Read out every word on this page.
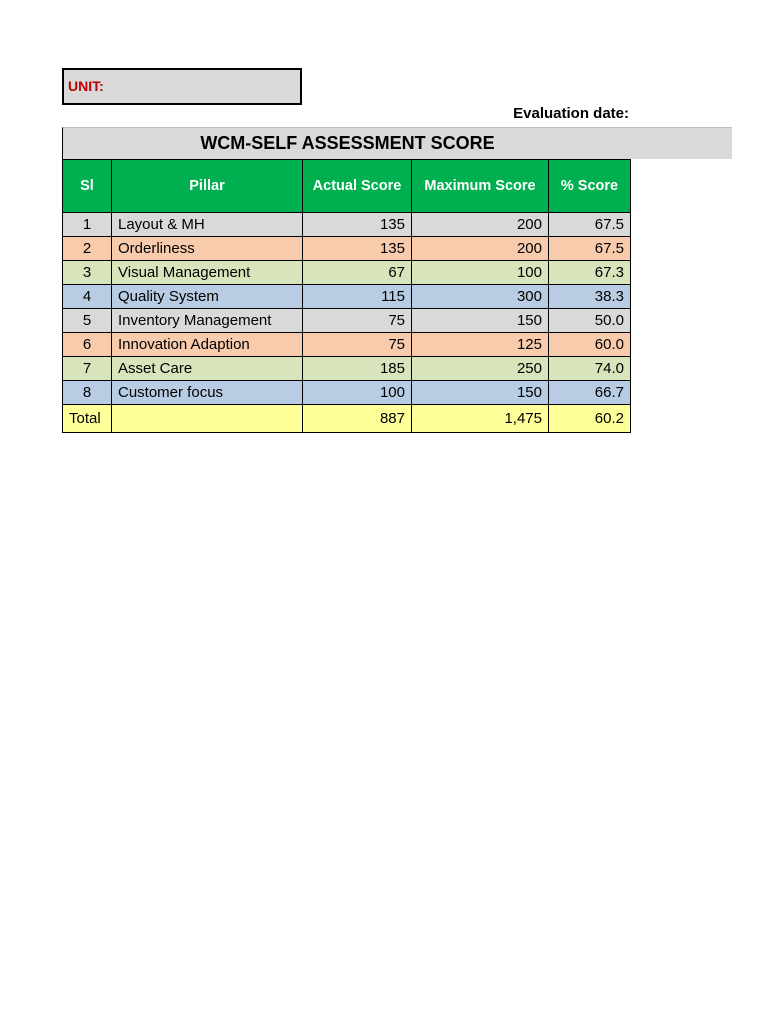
UNIT:
Evaluation date:
WCM-SELF ASSESSMENT SCORE
Sl	Pillar	Actual Score	Maximum Score	% Score
1	Layout & MH	135	200	67.5
2	Orderliness	135	200	67.5
3	Visual Management	67	100	67.3
4	Quality System	115	300	38.3
5	Inventory Management	75	150	50.0
6	Innovation Adaption	75	125	60.0
7	Asset Care	185	250	74.0
8	Customer focus	100	150	66.7
Total		887	1,475	60.2
